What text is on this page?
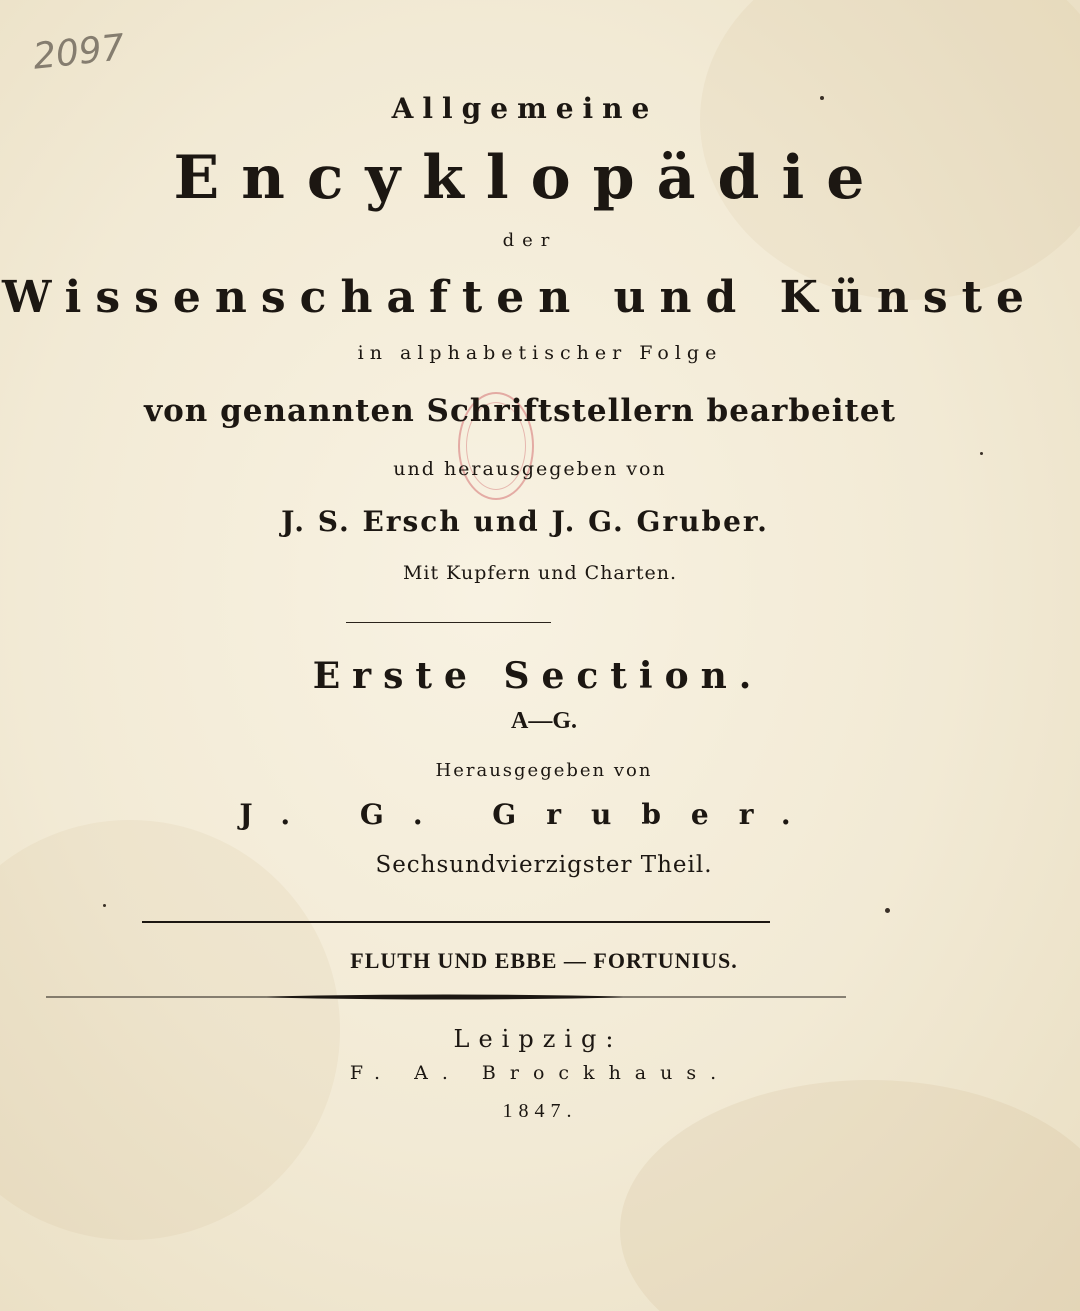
2097
Allgemeine
Encyklopädie
der
Wissenschaften und Künste
in alphabetischer Folge
von genannten Schriftstellern bearbeitet
und herausgegeben von
J. S. Ersch und J. G. Gruber.
Mit Kupfern und Charten.
Erste Section.
A—G.
Herausgegeben von
J. G. Gruber.
Sechsundvierzigster Theil.
FLUTH UND EBBE — FORTUNIUS.
Leipzig:
F. A. Brockhaus.
1847.
